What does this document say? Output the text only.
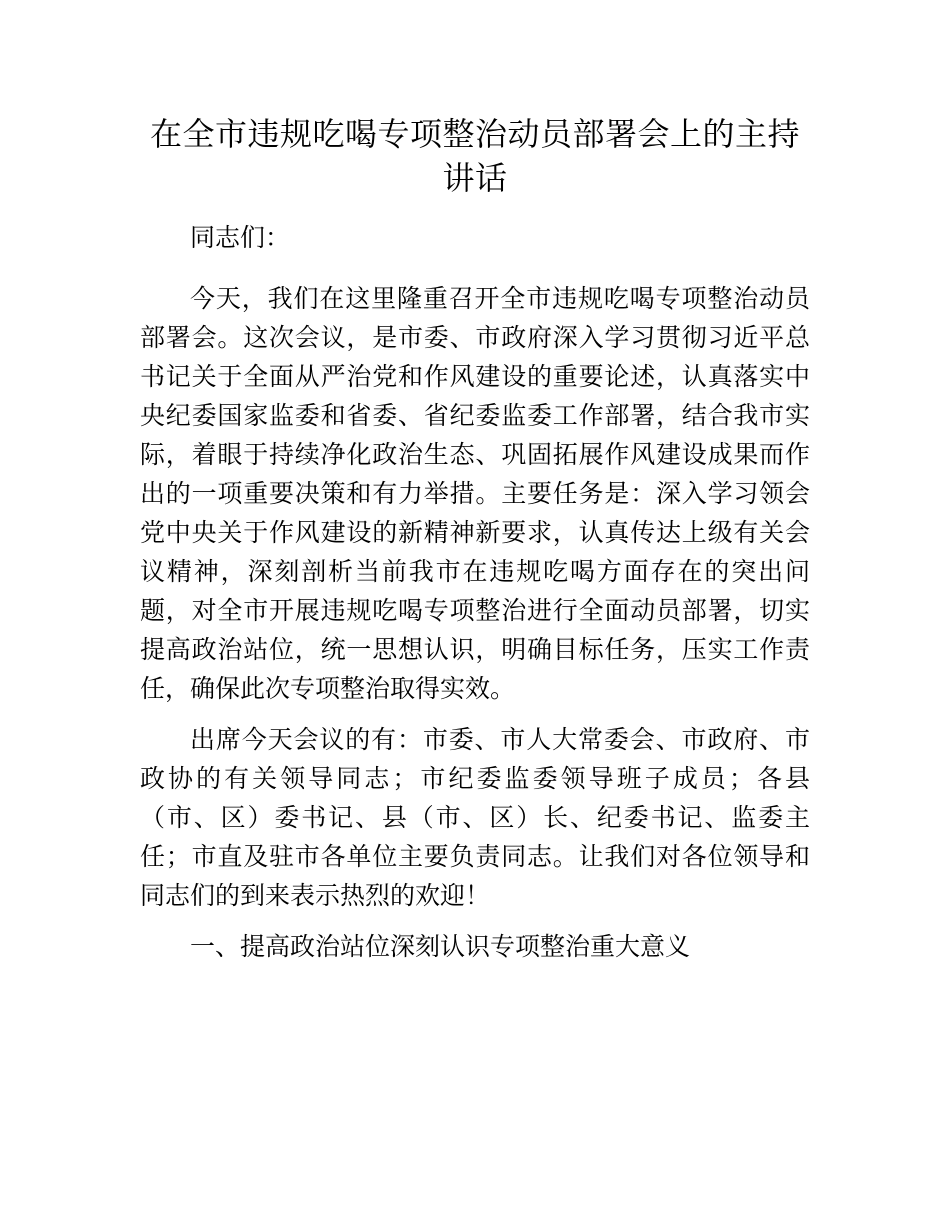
在全市违规吃喝专项整治动员部署会上的主持讲话

同志们：

今天，我们在这里隆重召开全市违规吃喝专项整治动员部署会。这次会议，是市委、市政府深入学习贯彻习近平总书记关于全面从严治党和作风建设的重要论述，认真落实中央纪委国家监委和省委、省纪委监委工作部署，结合我市实际，着眼于持续净化政治生态、巩固拓展作风建设成果而作出的一项重要决策和有力举措。主要任务是：深入学习领会党中央关于作风建设的新精神新要求，认真传达上级有关会议精神，深刻剖析当前我市在违规吃喝方面存在的突出问题，对全市开展违规吃喝专项整治进行全面动员部署，切实提高政治站位，统一思想认识，明确目标任务，压实工作责任，确保此次专项整治取得实效。

出席今天会议的有：市委、市人大常委会、市政府、市政协的有关领导同志；市纪委监委领导班子成员；各县（市、区）委书记、县（市、区）长、纪委书记、监委主任；市直及驻市各单位主要负责同志。让我们对各位领导和同志们的到来表示热烈的欢迎！

一、提高政治站位深刻认识专项整治重大意义
